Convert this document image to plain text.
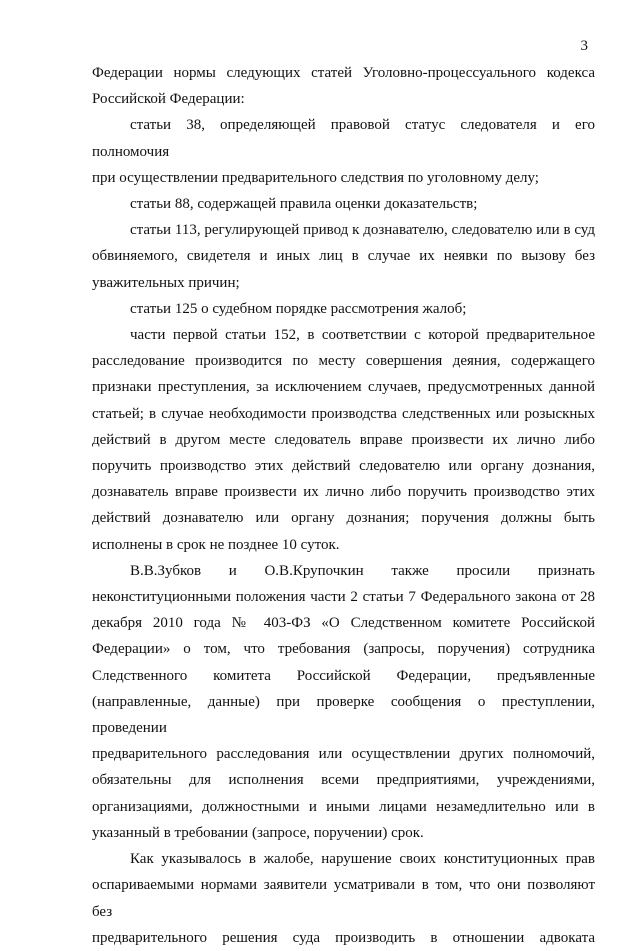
3

Федерации нормы следующих статей Уголовно-процессуального кодекса

Российской Федерации:

статьи 38, определяющей правовой статус следователя и его полномочия

при осуществлении предварительного следствия по уголовному делу;

статьи 88, содержащей правила оценки доказательств;

статьи 113, регулирующей привод к дознавателю, следователю или в суд

обвиняемого, свидетеля и иных лиц в случае их неявки по вызову без

уважительных причин;

статьи 125 о судебном порядке рассмотрения жалоб;

части первой статьи 152, в соответствии с которой предварительное

расследование производится по месту совершения деяния, содержащего

признаки преступления, за исключением случаев, предусмотренных данной

статьей; в случае необходимости производства следственных или розыскных

действий в другом месте следователь вправе произвести их лично либо

поручить производство этих действий следователю или органу дознания,

дознаватель вправе произвести их лично либо поручить производство этих

действий дознавателю или органу дознания; поручения должны быть

исполнены в срок не позднее 10 суток.

В.В.Зубков и О.В.Крупочкин также просили признать

неконституционными положения части 2 статьи 7 Федерального закона от 28

декабря 2010 года № 403-ФЗ «О Следственном комитете Российской

Федерации» о том, что требования (запросы, поручения) сотрудника

Следственного комитета Российской Федерации, предъявленные

(направленные, данные) при проверке сообщения о преступлении, проведении

предварительного расследования или осуществлении других полномочий,

обязательны для исполнения всеми предприятиями, учреждениями,

организациями, должностными и иными лицами незамедлительно или в

указанный в требовании (запросе, поручении) срок.

Как указывалось в жалобе, нарушение своих конституционных прав

оспариваемыми нормами заявители усматривали в том, что они позволяют без

предварительного решения суда производить в отношении адвоката
